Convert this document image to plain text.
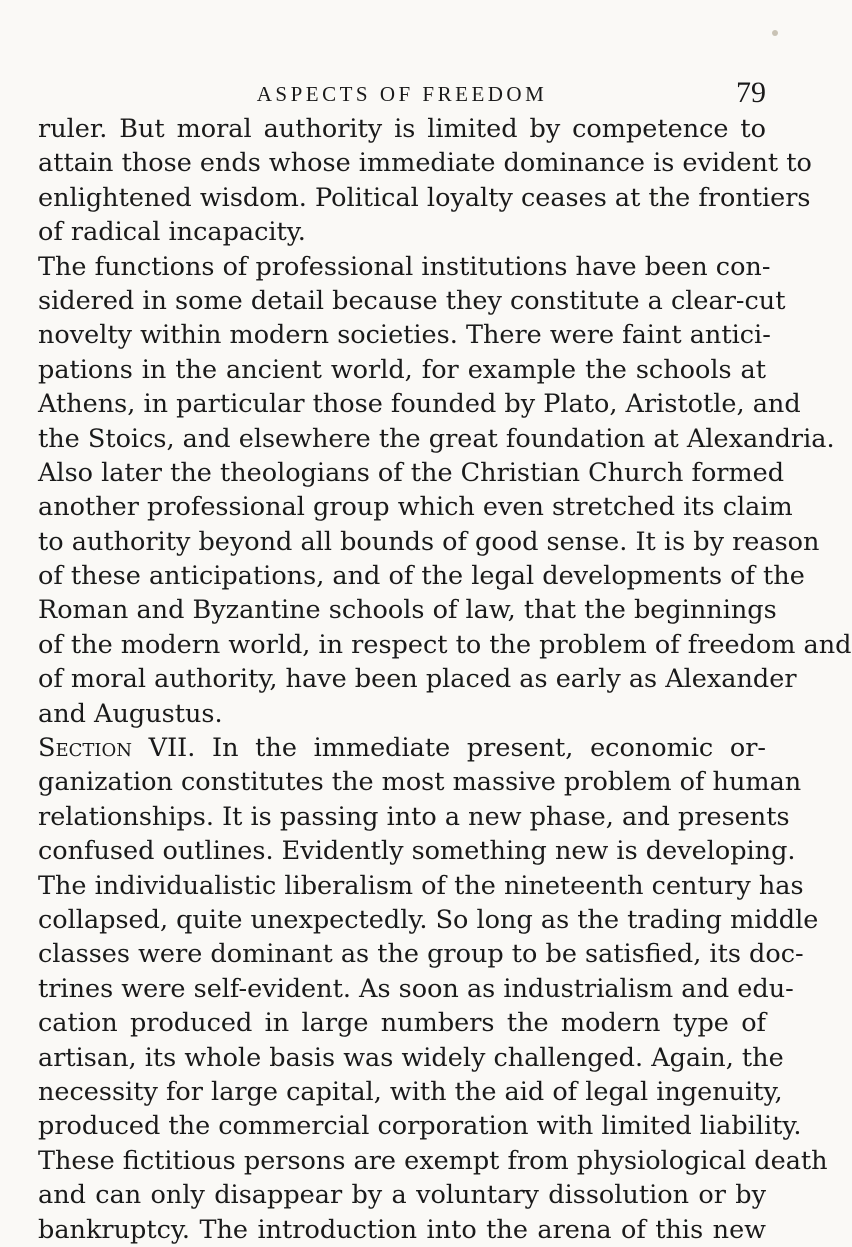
ASPECTS OF FREEDOM	79
ruler. But moral authority is limited by competence to
attain those ends whose immediate dominance is evident to
enlightened wisdom. Political loyalty ceases at the frontiers
of radical incapacity.
The functions of professional institutions have been con-
sidered in some detail because they constitute a clear-cut
novelty within modern societies. There were faint antici-
pations in the ancient world, for example the schools at
Athens, in particular those founded by Plato, Aristotle, and
the Stoics, and elsewhere the great foundation at Alexandria.
Also later the theologians of the Christian Church formed
another professional group which even stretched its claim
to authority beyond all bounds of good sense. It is by reason
of these anticipations, and of the legal developments of the
Roman and Byzantine schools of law, that the beginnings
of the modern world, in respect to the problem of freedom and
of moral authority, have been placed as early as Alexander
and Augustus.
Section VII. In the immediate present, economic or-
ganization constitutes the most massive problem of human
relationships. It is passing into a new phase, and presents
confused outlines. Evidently something new is developing.
The individualistic liberalism of the nineteenth century has
collapsed, quite unexpectedly. So long as the trading middle
classes were dominant as the group to be satisfied, its doc-
trines were self-evident. As soon as industrialism and edu-
cation produced in large numbers the modern type of
artisan, its whole basis was widely challenged. Again, the
necessity for large capital, with the aid of legal ingenuity,
produced the commercial corporation with limited liability.
These fictitious persons are exempt from physiological death
and can only disappear by a voluntary dissolution or by
bankruptcy. The introduction into the arena of this new
